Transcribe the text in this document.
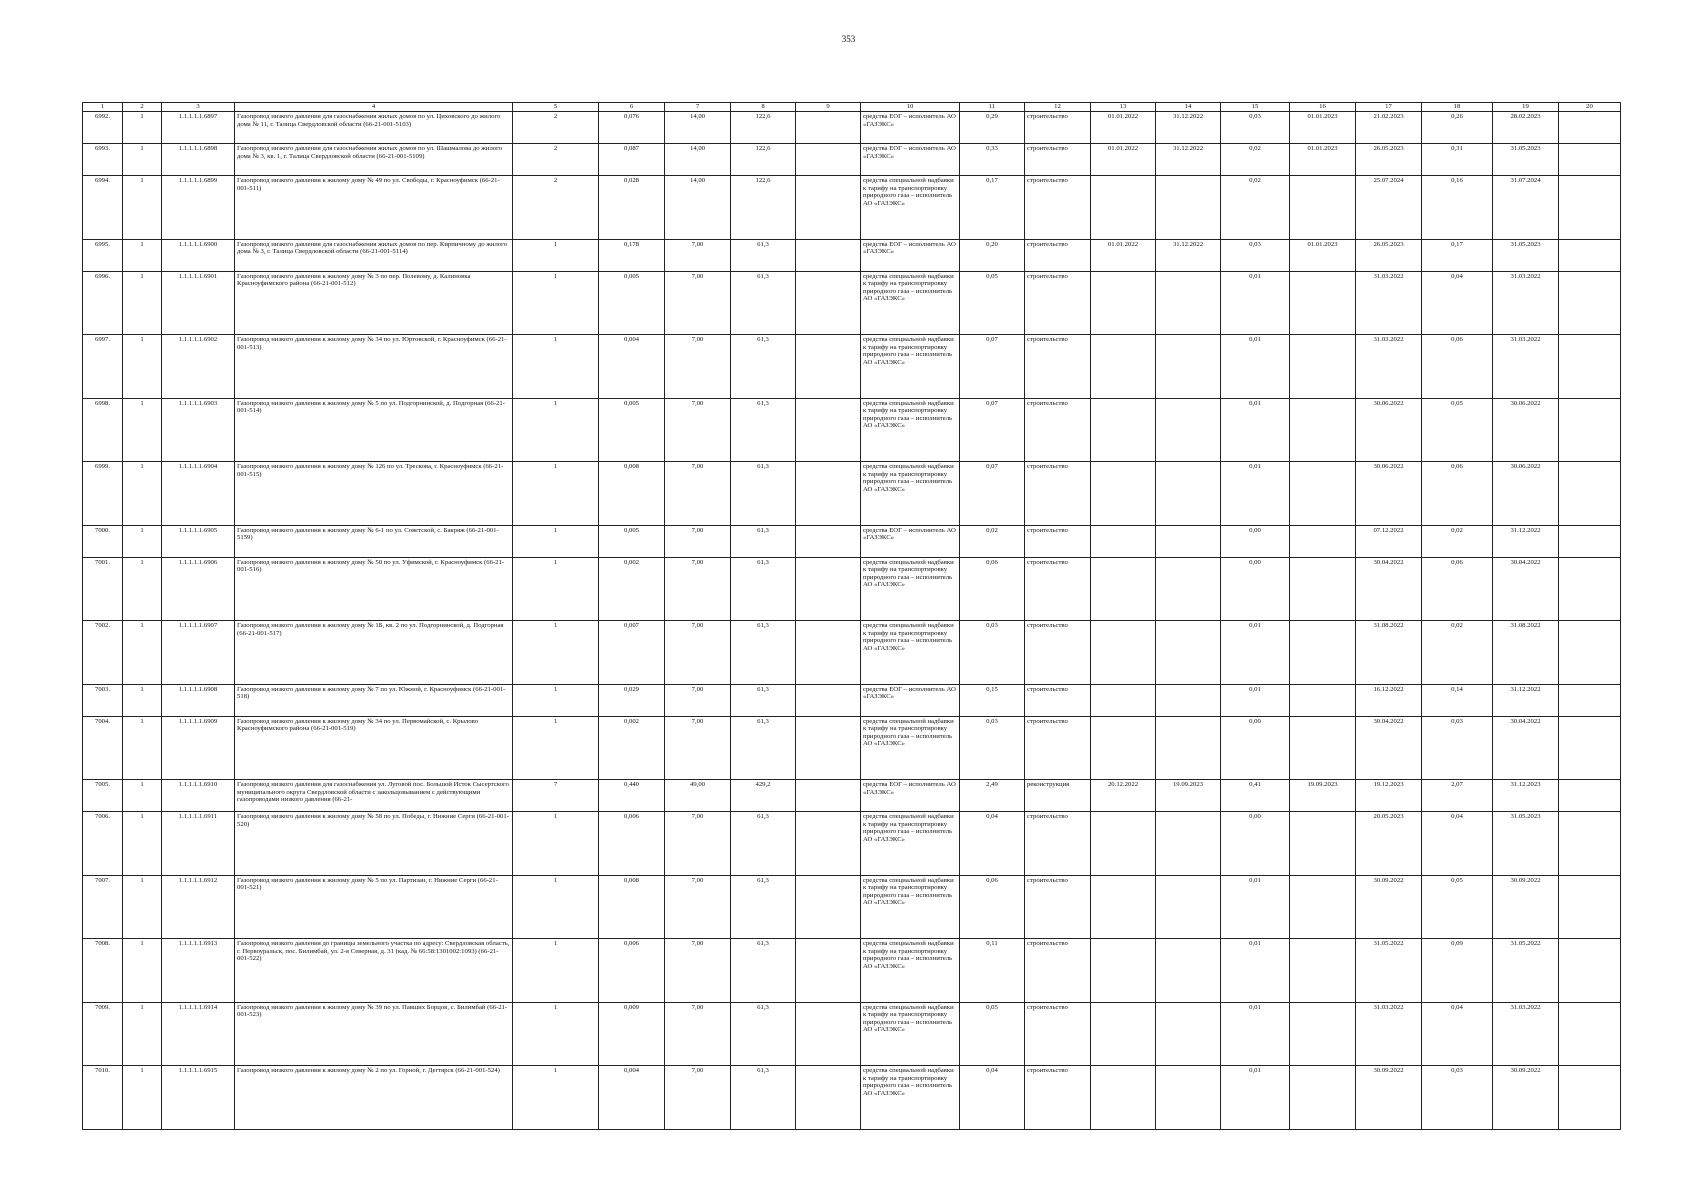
353
1	2	3	4	5	6	7	8	9	10	11	12	13	14	15	16	17	18	19	20
6992.	1	1.1.1.1.1.6897	Газопровод низкого давления для газоснабжения жилых домов по ул. Циховского до жилого дома № 11, г. Талица Свердловской области (66-21-001-5103)	2	0,076	14,00	122,6		средства ЕОГ – исполнитель АО «ГАЗЭКС»	0,29	строительство	01.01.2022	31.12.2022	0,03	01.01.2023	21.02.2023	0,26	28.02.2023	
6993.	1	1.1.1.1.1.6898	Газопровод низкого давления для газоснабжения жилых домов по ул. Шашмалова до жилого дома № 3, кв. 1, г. Талица Свердловской области (66-21-001-5109)	2	0,087	14,00	122,6		средства ЕОГ – исполнитель АО «ГАЗЭКС»	0,33	строительство	01.01.2022	31.12.2022	0,02	01.01.2023	26.05.2023	0,31	31.05.2023	
6994.	1	1.1.1.1.1.6899	Газопровод низкого давления к жилому дому № 49 по ул. Свободы, г. Красноуфимск (66-21-001-511)	2	0,028	14,00	122,6		средства специальной надбавки к тарифу на транспортировку природного газа – исполнитель АО «ГАЗЭКС»	0,17	строительство			0,02		25.07.2024	0,16	31.07.2024	
6995.	1	1.1.1.1.1.6900	Газопровод низкого давления для газоснабжения жилых домов по пер. Кирпичному до жилого дома № 3, г. Талица Свердловской области (66-21-001-5114)	1	0,178	7,00	61,3		средства ЕОГ – исполнитель АО «ГАЗЭКС»	0,20	строительство	01.01.2022	31.12.2022	0,03	01.01.2023	26.05.2023	0,17	31.05.2023	
6996.	1	1.1.1.1.1.6901	Газопровод низкого давления к жилому дому № 3 по пер. Полевому, д. Калиновка Красноуфимского района (66-21-001-512)	1	0,005	7,00	61,3		средства специальной надбавки к тарифу на транспортировку природного газа – исполнитель АО «ГАЗЭКС»	0,05	строительство			0,01		31.03.2022	0,04	31.03.2022	
6997.	1	1.1.1.1.1.6902	Газопровод низкого давления к жилому дому № 34 по ул. Юртовской, г. Красноуфимск (66-21-001-513)	1	0,004	7,00	61,3		средства специальной надбавки к тарифу на транспортировку природного газа – исполнитель АО «ГАЗЭКС»	0,07	строительство			0,01		31.03.2022	0,06	31.03.2022	
6998.	1	1.1.1.1.1.6903	Газопровод низкого давления к жилому дому № 5 по ул. Подгорнинской, д. Подгорная (66-21-001-514)	1	0,005	7,00	61,3		средства специальной надбавки к тарифу на транспортировку природного газа – исполнитель АО «ГАЗЭКС»	0,07	строительство			0,01		30.06.2022	0,05	30.06.2022	
6999.	1	1.1.1.1.1.6904	Газопровод низкого давления к жилому дому № 126 по ул. Трескова, г. Красноуфимск (66-21-001-515)	1	0,008	7,00	61,3		средства специальной надбавки к тарифу на транспортировку природного газа – исполнитель АО «ГАЗЭКС»	0,07	строительство			0,01		30.06.2022	0,06	30.06.2022	
7000.	1	1.1.1.1.1.6905	Газопровод низкого давления к жилому дому № 6-1 по ул. Советской, с. Бакряж (66-21-001-5159)	1	0,005	7,00	61,3		средства ЕОГ – исполнитель АО «ГАЗЭКС»	0,02	строительство			0,00		07.12.2022	0,02	31.12.2022	
7001.	1	1.1.1.1.1.6906	Газопровод низкого давления к жилому дому № 50 по ул. Уфимской, г. Красноуфимск (66-21-001-516)	1	0,002	7,00	61,3		средства специальной надбавки к тарифу на транспортировку природного газа – исполнитель АО «ГАЗЭКС»	0,06	строительство			0,00		30.04.2022	0,06	30.04.2022	
7002.	1	1.1.1.1.1.6907	Газопровод низкого давления к жилому дому № 1Б, кв. 2 по ул. Подгорнинской, д. Подгорная (66-21-001-517)	1	0,007	7,00	61,3		средства специальной надбавки к тарифу на транспортировку природного газа – исполнитель АО «ГАЗЭКС»	0,03	строительство			0,01		31.08.2022	0,02	31.08.2022	
7003.	1	1.1.1.1.1.6908	Газопровод низкого давления к жилому дому № 7 по ул. Южной, г. Красноуфимск (66-21-001-518)	1	0,029	7,00	61,3		средства ЕОГ – исполнитель АО «ГАЗЭКС»	0,15	строительство			0,01		16.12.2022	0,14	31.12.2022	
7004.	1	1.1.1.1.1.6909	Газопровод низкого давления к жилому дому № 34 по ул. Первомайской, с. Крылово Красноуфимского района (66-21-001-519)	1	0,002	7,00	61,3		средства специальной надбавки к тарифу на транспортировку природного газа – исполнитель АО «ГАЗЭКС»	0,03	строительство			0,00		30.04.2022	0,03	30.04.2022	
7005.	1	1.1.1.1.1.6910	Газопровод низкого давления для газоснабжения ул. Луговой пос. Большой Исток Сысертского муниципального округа Свердловской области с закольцовыванием с действующими газопроводами низкого давления (66-21-	7	0,440	49,00	429,2		средства ЕОГ – исполнитель АО «ГАЗЭКС»	2,49	реконструкция	20.12.2022	19.09.2023	0,41	19.09.2023	19.12.2023	2,07	31.12.2023	
7006.	1	1.1.1.1.1.6911	Газопровод низкого давления к жилому дому № 58 по ул. Победы, г. Нижние Серги (66-21-001-520)	1	0,006	7,00	61,3		средства специальной надбавки к тарифу на транспортировку природного газа – исполнитель АО «ГАЗЭКС»	0,04	строительство			0,00		20.05.2023	0,04	31.05.2023	
7007.	1	1.1.1.1.1.6912	Газопровод низкого давления к жилому дому № 5 по ул. Партизан, г. Нижние Серги (66-21-001-521)	1	0,008	7,00	61,3		средства специальной надбавки к тарифу на транспортировку природного газа – исполнитель АО «ГАЗЭКС»	0,06	строительство			0,01		30.09.2022	0,05	30.09.2022	
7008.	1	1.1.1.1.1.6913	Газопровод низкого давления до границы земельного участка по адресу: Свердловская область, г. Первоуральск, пос. Билимбай, ул. 2-я Северная, д. 31 (кад. № 66:58:1301002:1093) (66-21-001-522)	1	0,006	7,00	61,3		средства специальной надбавки к тарифу на транспортировку природного газа – исполнитель АО «ГАЗЭКС»	0,11	строительство			0,01		31.05.2022	0,09	31.05.2022	
7009.	1	1.1.1.1.1.6914	Газопровод низкого давления к жилому дому № 39 по ул. Павших Борцов, с. Билимбай (66-21-001-523)	1	0,009	7,00	61,3		средства специальной надбавки к тарифу на транспортировку природного газа – исполнитель АО «ГАЗЭКС»	0,05	строительство			0,01		31.03.2022	0,04	31.03.2022	
7010.	1	1.1.1.1.1.6915	Газопровод низкого давления к жилому дому № 2 по ул. Горной, г. Дегтярск (66-21-001-524)	1	0,004	7,00	61,3		средства специальной надбавки к тарифу на транспортировку природного газа – исполнитель АО «ГАЗЭКС»	0,04	строительство			0,01		30.09.2022	0,03	30.09.2022	
